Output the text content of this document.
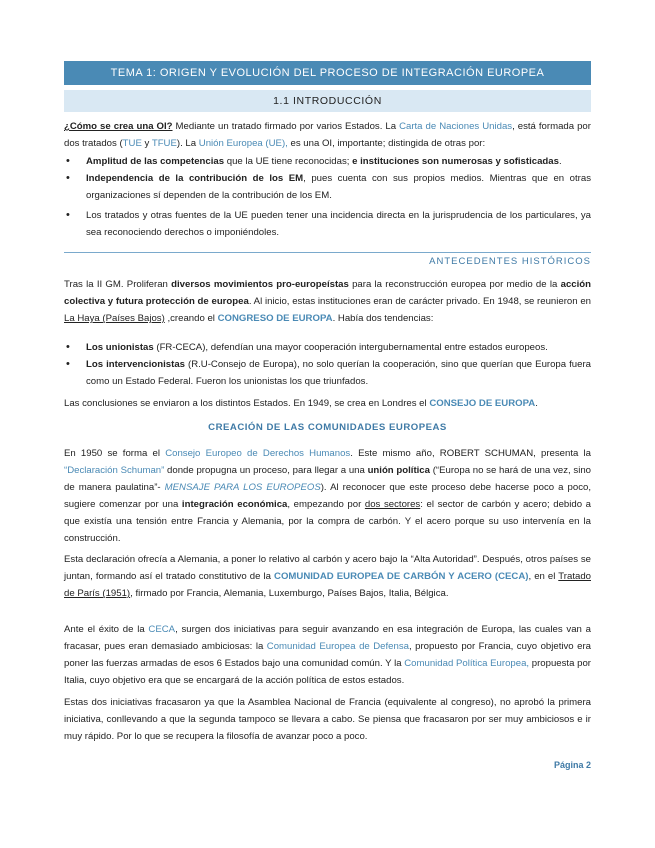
TEMA 1: ORIGEN Y EVOLUCIÓN DEL PROCESO DE INTEGRACIÓN EUROPEA
1.1 INTRODUCCIÓN
¿Cómo se crea una OI? Mediante un tratado firmado por varios Estados. La Carta de Naciones Unidas, está formada por dos tratados (TUE y TFUE). La Unión Europea (UE), es una OI, importante; distingida de otras por:
• Amplitud de las competencias que la UE tiene reconocidas; e instituciones son numerosas y sofisticadas.
• Independencia de la contribución de los EM, pues cuenta con sus propios medios. Mientras que en otras organizaciones sí dependen de la contribución de los EM.
• Los tratados y otras fuentes de la UE pueden tener una incidencia directa en la jurisprudencia de los particulares, ya sea reconociendo derechos o imponiéndoles.
ANTECEDENTES HISTÓRICOS
Tras la II GM. Proliferan diversos movimientos pro-europeístas para la reconstrucción europea por medio de la acción colectiva y futura protección de europea. Al inicio, estas instituciones eran de carácter privado. En 1948, se reunieron en La Haya (Países Bajos) ,creando el CONGRESO DE EUROPA. Había dos tendencias:
• Los unionistas (FR-CECA), defendían una mayor cooperación intergubernamental entre estados europeos.
• Los intervencionistas (R.U-Consejo de Europa), no solo querían la cooperación, sino que querían que Europa fuera como un Estado Federal. Fueron los unionistas los que triunfados.
Las conclusiones se enviaron a los distintos Estados. En 1949, se crea en Londres el CONSEJO DE EUROPA.
CREACIÓN DE LAS COMUNIDADES EUROPEAS
En 1950 se forma el Consejo Europeo de Derechos Humanos. Este mismo año, ROBERT SCHUMAN, presenta la “Declaración Schuman” donde propugna un proceso, para llegar a una unión política (“Europa no se hará de una vez, sino de manera paulatina”- MENSAJE PARA LOS EUROPEOS). Al reconocer que este proceso debe hacerse poco a poco, sugiere comenzar por una integración económica, empezando por dos sectores: el sector de carbón y acero; debido a que existía una tensión entre Francia y Alemania, por la compra de carbón. Y el acero porque su uso intervenía en la construcción.
Esta declaración ofrecía a Alemania, a poner lo relativo al carbón y acero bajo la “Alta Autoridad”. Después, otros países se juntan, formando así el tratado constitutivo de la COMUNIDAD EUROPEA DE CARBÓN Y ACERO (CECA), en el Tratado de París (1951), firmado por Francia, Alemania, Luxemburgo, Países Bajos, Italia, Bélgica.
Ante el éxito de la CECA, surgen dos iniciativas para seguir avanzando en esa integración de Europa, las cuales van a fracasar, pues eran demasiado ambiciosas: la Comunidad Europea de Defensa, propuesto por Francia, cuyo objetivo era poner las fuerzas armadas de esos 6 Estados bajo una comunidad común. Y la Comunidad Política Europea, propuesta por Italia, cuyo objetivo era que se encargará de la acción política de estos estados.
Estas dos iniciativas fracasaron ya que la Asamblea Nacional de Francia (equivalente al congreso), no aprobó la primera iniciativa, conllevando a que la segunda tampoco se llevara a cabo. Se piensa que fracasaron por ser muy ambiciosos e ir muy rápido. Por lo que se recupera la filosofía de avanzar poco a poco.
Página 2
